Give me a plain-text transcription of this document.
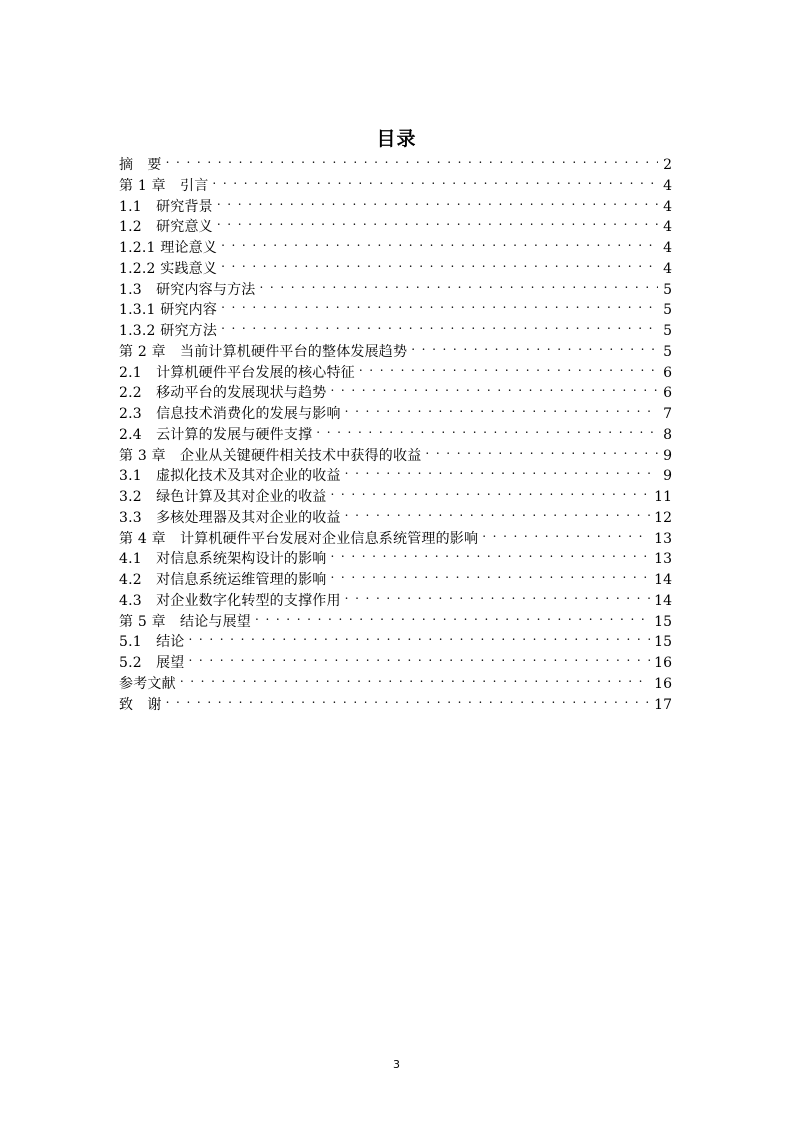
目录
摘　要 . . .	2
第 1 章　引言 . . .	4
1.1　研究背景 . . .	4
1.2　研究意义 . . .	4
1.2.1 理论意义 . . .	4
1.2.2 实践意义 . . .	4
1.3　研究内容与方法 . . .	5
1.3.1 研究内容 . . .	5
1.3.2 研究方法 . . .	5
第 2 章　当前计算机硬件平台的整体发展趋势 . . .	5
2.1　计算机硬件平台发展的核心特征 . . .	6
2.2　移动平台的发展现状与趋势 . . .	6
2.3　信息技术消费化的发展与影响 . . .	7
2.4　云计算的发展与硬件支撑 . . .	8
第 3 章　企业从关键硬件相关技术中获得的收益 . . .	9
3.1　虚拟化技术及其对企业的收益 . . .	9
3.2　绿色计算及其对企业的收益 . . .	11
3.3　多核处理器及其对企业的收益 . . .	12
第 4 章　计算机硬件平台发展对企业信息系统管理的影响 . . .	13
4.1　对信息系统架构设计的影响 . . .	13
4.2　对信息系统运维管理的影响 . . .	14
4.3　对企业数字化转型的支撑作用 . . .	14
第 5 章　结论与展望 . . .	15
5.1　结论 . . .	15
5.2　展望 . . .	16
参考文献 . . .	16
致　谢 . . .	17
3
